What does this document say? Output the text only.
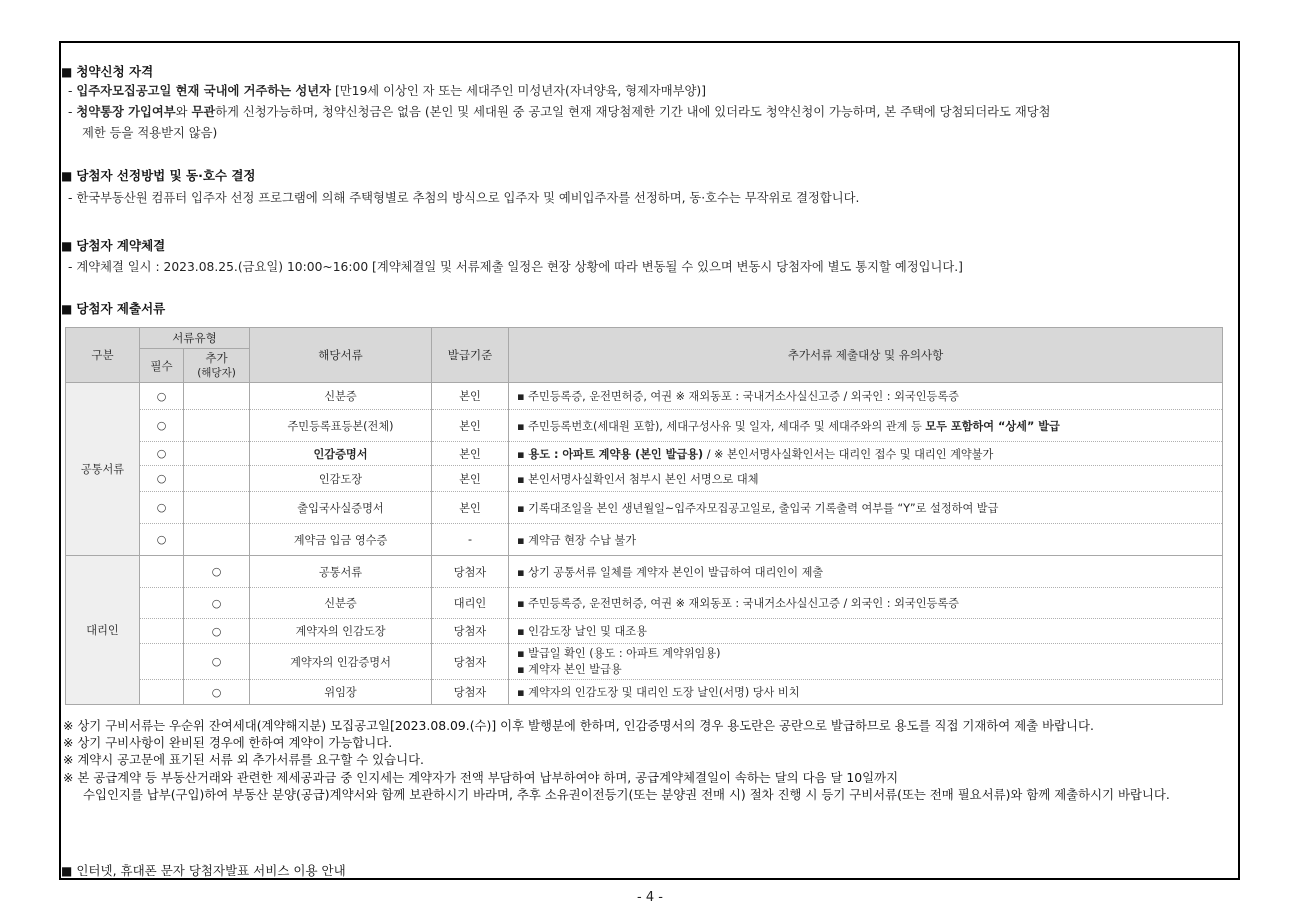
■ 청약신청 자격
- 입주자모집공고일 현재 국내에 거주하는 성년자 [만19세 이상인 자 또는 세대주인 미성년자(자녀양육, 형제자매부양)]
- 청약통장 가입여부와 무관하게 신청가능하며, 청약신청금은 없음 (본인 및 세대원 중 공고일 현재 재당첨제한 기간 내에 있더라도 청약신청이 가능하며, 본 주택에 당첨되더라도 재당첨
제한 등을 적용받지 않음)
■ 당첨자 선정방법 및 동·호수 결정
- 한국부동산원 컴퓨터 입주자 선정 프로그램에 의해 주택형별로 추첨의 방식으로 입주자 및 예비입주자를 선정하며, 동·호수는 무작위로 결정합니다.
■ 당첨자 계약체결
- 계약체결 일시 : 2023.08.25.(금요일) 10:00~16:00 [계약체결일 및 서류제출 일정은 현장 상황에 따라 변동될 수 있으며 변동시 당첨자에 별도 통지할 예정입니다.]
■ 당첨자 제출서류
구분	서류유형		해당서류	발급기준	추가서류 제출대상 및 유의사항
	필수	추가
(해당자)			

공통서류	○		신분증	본인	▪ 주민등록증, 운전면허증, 여권 ※ 재외동포 : 국내거소사실신고증 / 외국인 : 외국인등록증
	○		주민등록표등본(전체)	본인	▪ 주민등록번호(세대원 포함), 세대구성사유 및 일자, 세대주 및 세대주와의 관계 등 모두 포함하여 “상세” 발급
	○		인감증명서	본인	▪ 용도 : 아파트 계약용 (본인 발급용) / ※ 본인서명사실확인서는 대리인 접수 및 대리인 계약불가
	○		인감도장	본인	▪ 본인서명사실확인서 첨부시 본인 서명으로 대체
	○		출입국사실증명서	본인	▪ 기록대조일을 본인 생년월일~입주자모집공고일로, 출입국 기록출력 여부를 “Y”로 설정하여 발급
	○		계약금 입금 영수증	-	▪ 계약금 현장 수납 불가
대리인		○	공통서류	당첨자	▪ 상기 공통서류 일체를 계약자 본인이 발급하여 대리인이 제출
		○	신분증	대리인	▪ 주민등록증, 운전면허증, 여권 ※ 재외동포 : 국내거소사실신고증 / 외국인 : 외국인등록증
		○	계약자의 인감도장	당첨자	▪ 인감도장 날인 및 대조용
		○	계약자의 인감증명서	당첨자	▪ 발급일 확인 (용도 : 아파트 계약위임용)
▪ 계약자 본인 발급용

		○	위임장	당첨자	▪ 계약자의 인감도장 및 대리인 도장 날인(서명) 당사 비치
※ 상기 구비서류는 우순위 잔여세대(계약해지분) 모집공고일[2023.08.09.(수)] 이후 발행분에 한하며, 인감증명서의 경우 용도란은 공란으로 발급하므로 용도를 직접 기재하여 제출 바랍니다.
※ 상기 구비사항이 완비된 경우에 한하여 계약이 가능합니다.
※ 계약시 공고문에 표기된 서류 외 추가서류를 요구할 수 있습니다.
※ 본 공급계약 등 부동산거래와 관련한 제세공과금 중 인지세는 계약자가 전액 부담하여 납부하여야 하며, 공급계약체결일이 속하는 달의 다음 달 10일까지
수입인지를 납부(구입)하여 부동산 분양(공급)계약서와 함께 보관하시기 바라며, 추후 소유권이전등기(또는 분양권 전매 시) 절차 진행 시 등기 구비서류(또는 전매 필요서류)와 함께 제출하시기 바랍니다.
■ 인터넷, 휴대폰 문자 당첨자발표 서비스 이용 안내
- 4 -
